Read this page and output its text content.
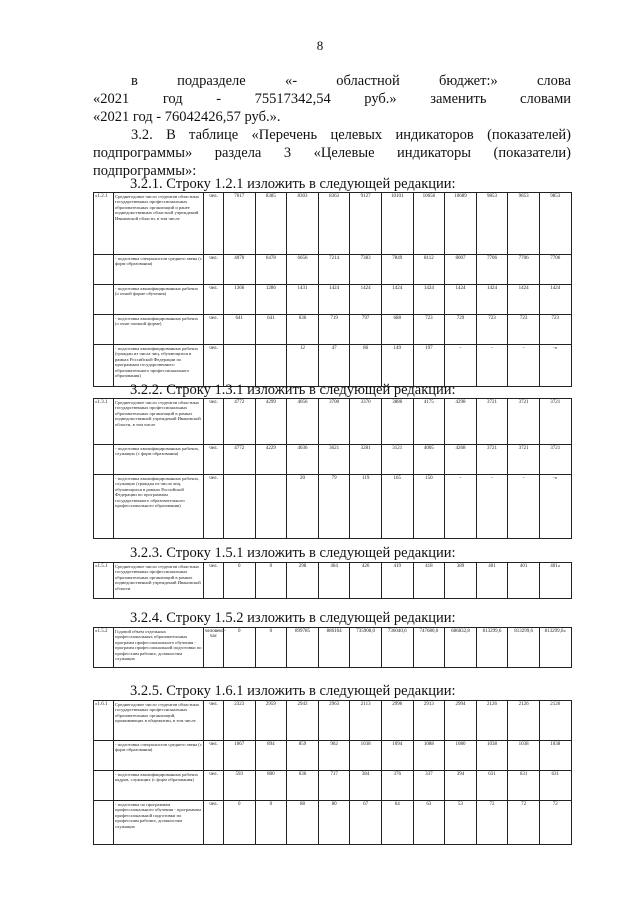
8
в подразделе «- областной бюджет:» слова
«2021 год - 75517342,54 руб.» заменить словами
«2021 год - 76042426,57 руб.».
3.2. В таблице «Перечень целевых индикаторов (показателей)
подпрограммы» раздела 3 «Целевые индикаторы (показатели)
подпрограммы»:
3.2.1. Строку 1.2.1 изложить в следующей редакции:
«1.2.1	Среднегодовое число студентов областных государственных профессиональных образовательных организаций и ранее подведомственных областной учреждений Ивановской области, в том числе	чел.	7617	8385	8303	8363	9127	10101	10656	10689	9853	9853	9853
	- подготовка специалистов среднего звена (с форм образования)	чел.	4070	6478	6656	7214	7383	7849	8112	8007	7706	7706	7706
	- подготовка квалифицированных рабочих (о очной форме обучения)	чел.	1366	1286	1431	1424	1424	1424	1424	1424	1424	1424	1424
	- подготовка квалифицированных рабочих (о очно-заочной форме)	чел.	641	641	636	719	797	688	723	729	723	723	723
	- подготовка квалифицированных рабочих (граждан из числа лиц, обучающихся в рамках Российской Федерации по программам государственного образовательного профессионального образования)	чел.			12	47	86	149	197	-	-	-	-»
3.2.2. Строку 1.3.1 изложить в следующей редакции:
«1.3.1	Среднегодовое число студентов областных государственных профессиональных образовательных организаций в рамках подведомственной учреждений Ивановской области, в том числе	чел.	4772	4299	4056	3700	3370	3886	4175	4298	3721	3721	3721
	- подготовка квалифицированных рабочих, служащих (с форм образования)	чел.	4772	4229	4036	3621	3281	3121	4005	4268	3721	3721	3721
	- подготовка квалифицированных рабочих, служащих (граждан из числа лиц, обучающихся в рамках Российской Федерации по программам государственного образовательного профессионального образования)	чел.			20	79	119	165	150	-	-	-	-»
3.2.3. Строку 1.5.1 изложить в следующей редакции:
«1.5.1	Среднегодовое число студентов областных государственных профессиональных образовательных организаций в рамках подведомственной учреждений Ивановской области	чел.	0	0	298	404	426	419	418	389	401	401	401»
3.2.4. Строку 1.5.2 изложить в следующей редакции:
«1.5.2	Годовой объем отдельных профессиональных образовательных программ профессионального обучения - программ профессиональной подготовки по профессиям рабочих, должностям служащих	человеко-час	0	0	899785	886164	735908,0	736040,6	747680,0	686832,8	813299,6	813299,6	813299,6»
3.2.5. Строку 1.6.1 изложить в следующей редакции:
«1.6.1	Среднегодовое число студентов областных государственных профессиональных образовательных организаций, проживающих в общежитии, в том числе	чел.	2323	2959	2943	2963	2113	2996	2913	2994	2126	2126	2126
	- подготовка специалистов среднего звена (с форм образования)	чел.	1067	894	859	962	1038	1094	1088	1080	1038	1038	1038
	- подготовка квалифицированных рабочих кадров, служащих (с форм образования)	чел.	593	800	636	717	384	376	337	394	631	631	631
	- подготовка по программам профессионального обучения - программам профессиональной подготовки по профессиям рабочих, должностям служащих	чел.	0	0	88	80	67	64	63	53	72	72	72
